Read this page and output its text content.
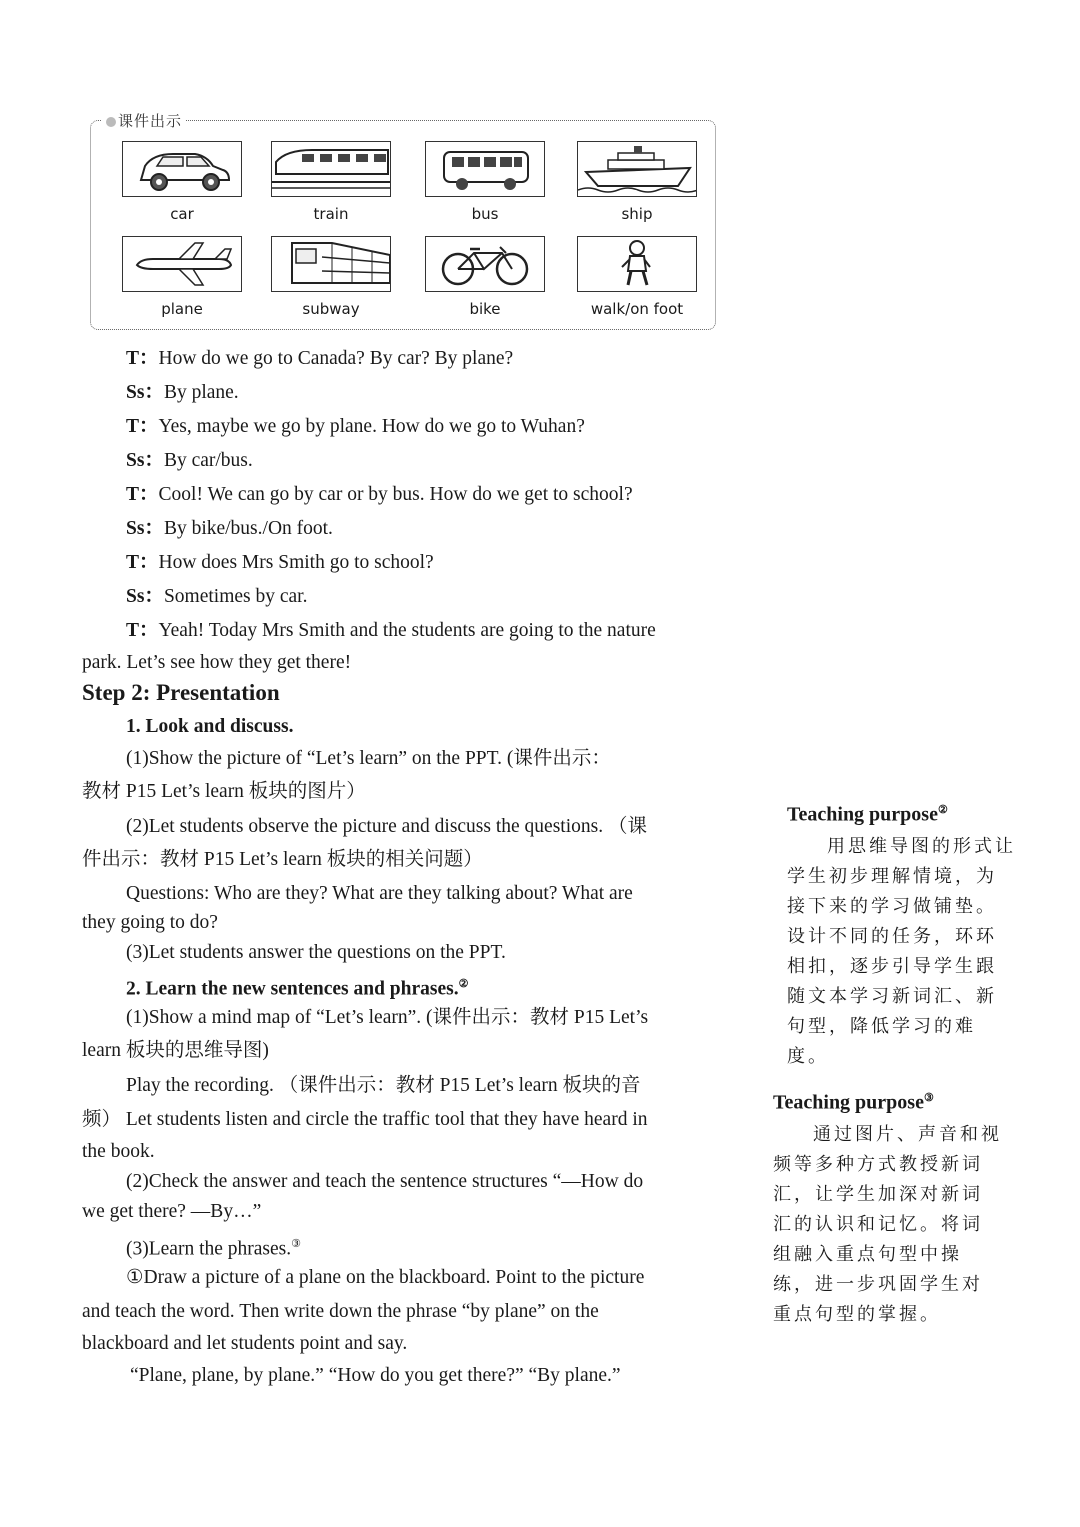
课件出示
car	train	bus	ship
plane	subway	bike	walk/on foot
T：How do we go to Canada? By car? By plane?
Ss：By plane.
T：Yes, maybe we go by plane. How do we go to Wuhan?
Ss：By car/bus.
T：Cool! We can go by car or by bus. How do we get to school?
Ss：By bike/bus./On foot.
T：How does Mrs Smith go to school?
Ss：Sometimes by car.
T：Yeah! Today Mrs Smith and the students are going to the nature
park. Let’s see how they get there!
Step 2: Presentation
1. Look and discuss.
(1)Show the picture of “Let’s learn” on the PPT. (课件出示：
教材 P15 Let’s learn 板块的图片）
(2)Let students observe the picture and discuss the questions. （课
件出示：教材 P15 Let’s learn 板块的相关问题）
Questions: Who are they? What are they talking about? What are
they going to do?
(3)Let students answer the questions on the PPT.
2. Learn the new sentences and phrases.②
(1)Show a mind map of “Let’s learn”. (课件出示：教材 P15 Let’s
learn 板块的思维导图)
Play the recording. （课件出示：教材 P15 Let’s learn 板块的音
频） Let students listen and circle the traffic tool that they have heard in
the book.
(2)Check the answer and teach the sentence structures “—How do
we get there? —By…”
(3)Learn the phrases.③
①Draw a picture of a plane on the blackboard. Point to the picture
and teach the word. Then write down the phrase “by plane” on the
blackboard and let students point and say.
“Plane, plane, by plane.” “How do you get there?” “By plane.”
Teaching purpose②
用思维导图的形式让学生初步理解情境，为接下来的学习做铺垫。设计不同的任务，环环相扣，逐步引导学生跟随文本学习新词汇、新句型，降低学习的难度。
Teaching purpose③
通过图片、声音和视频等多种方式教授新词汇，让学生加深对新词汇的认识和记忆。将词组融入重点句型中操练，进一步巩固学生对重点句型的掌握。
